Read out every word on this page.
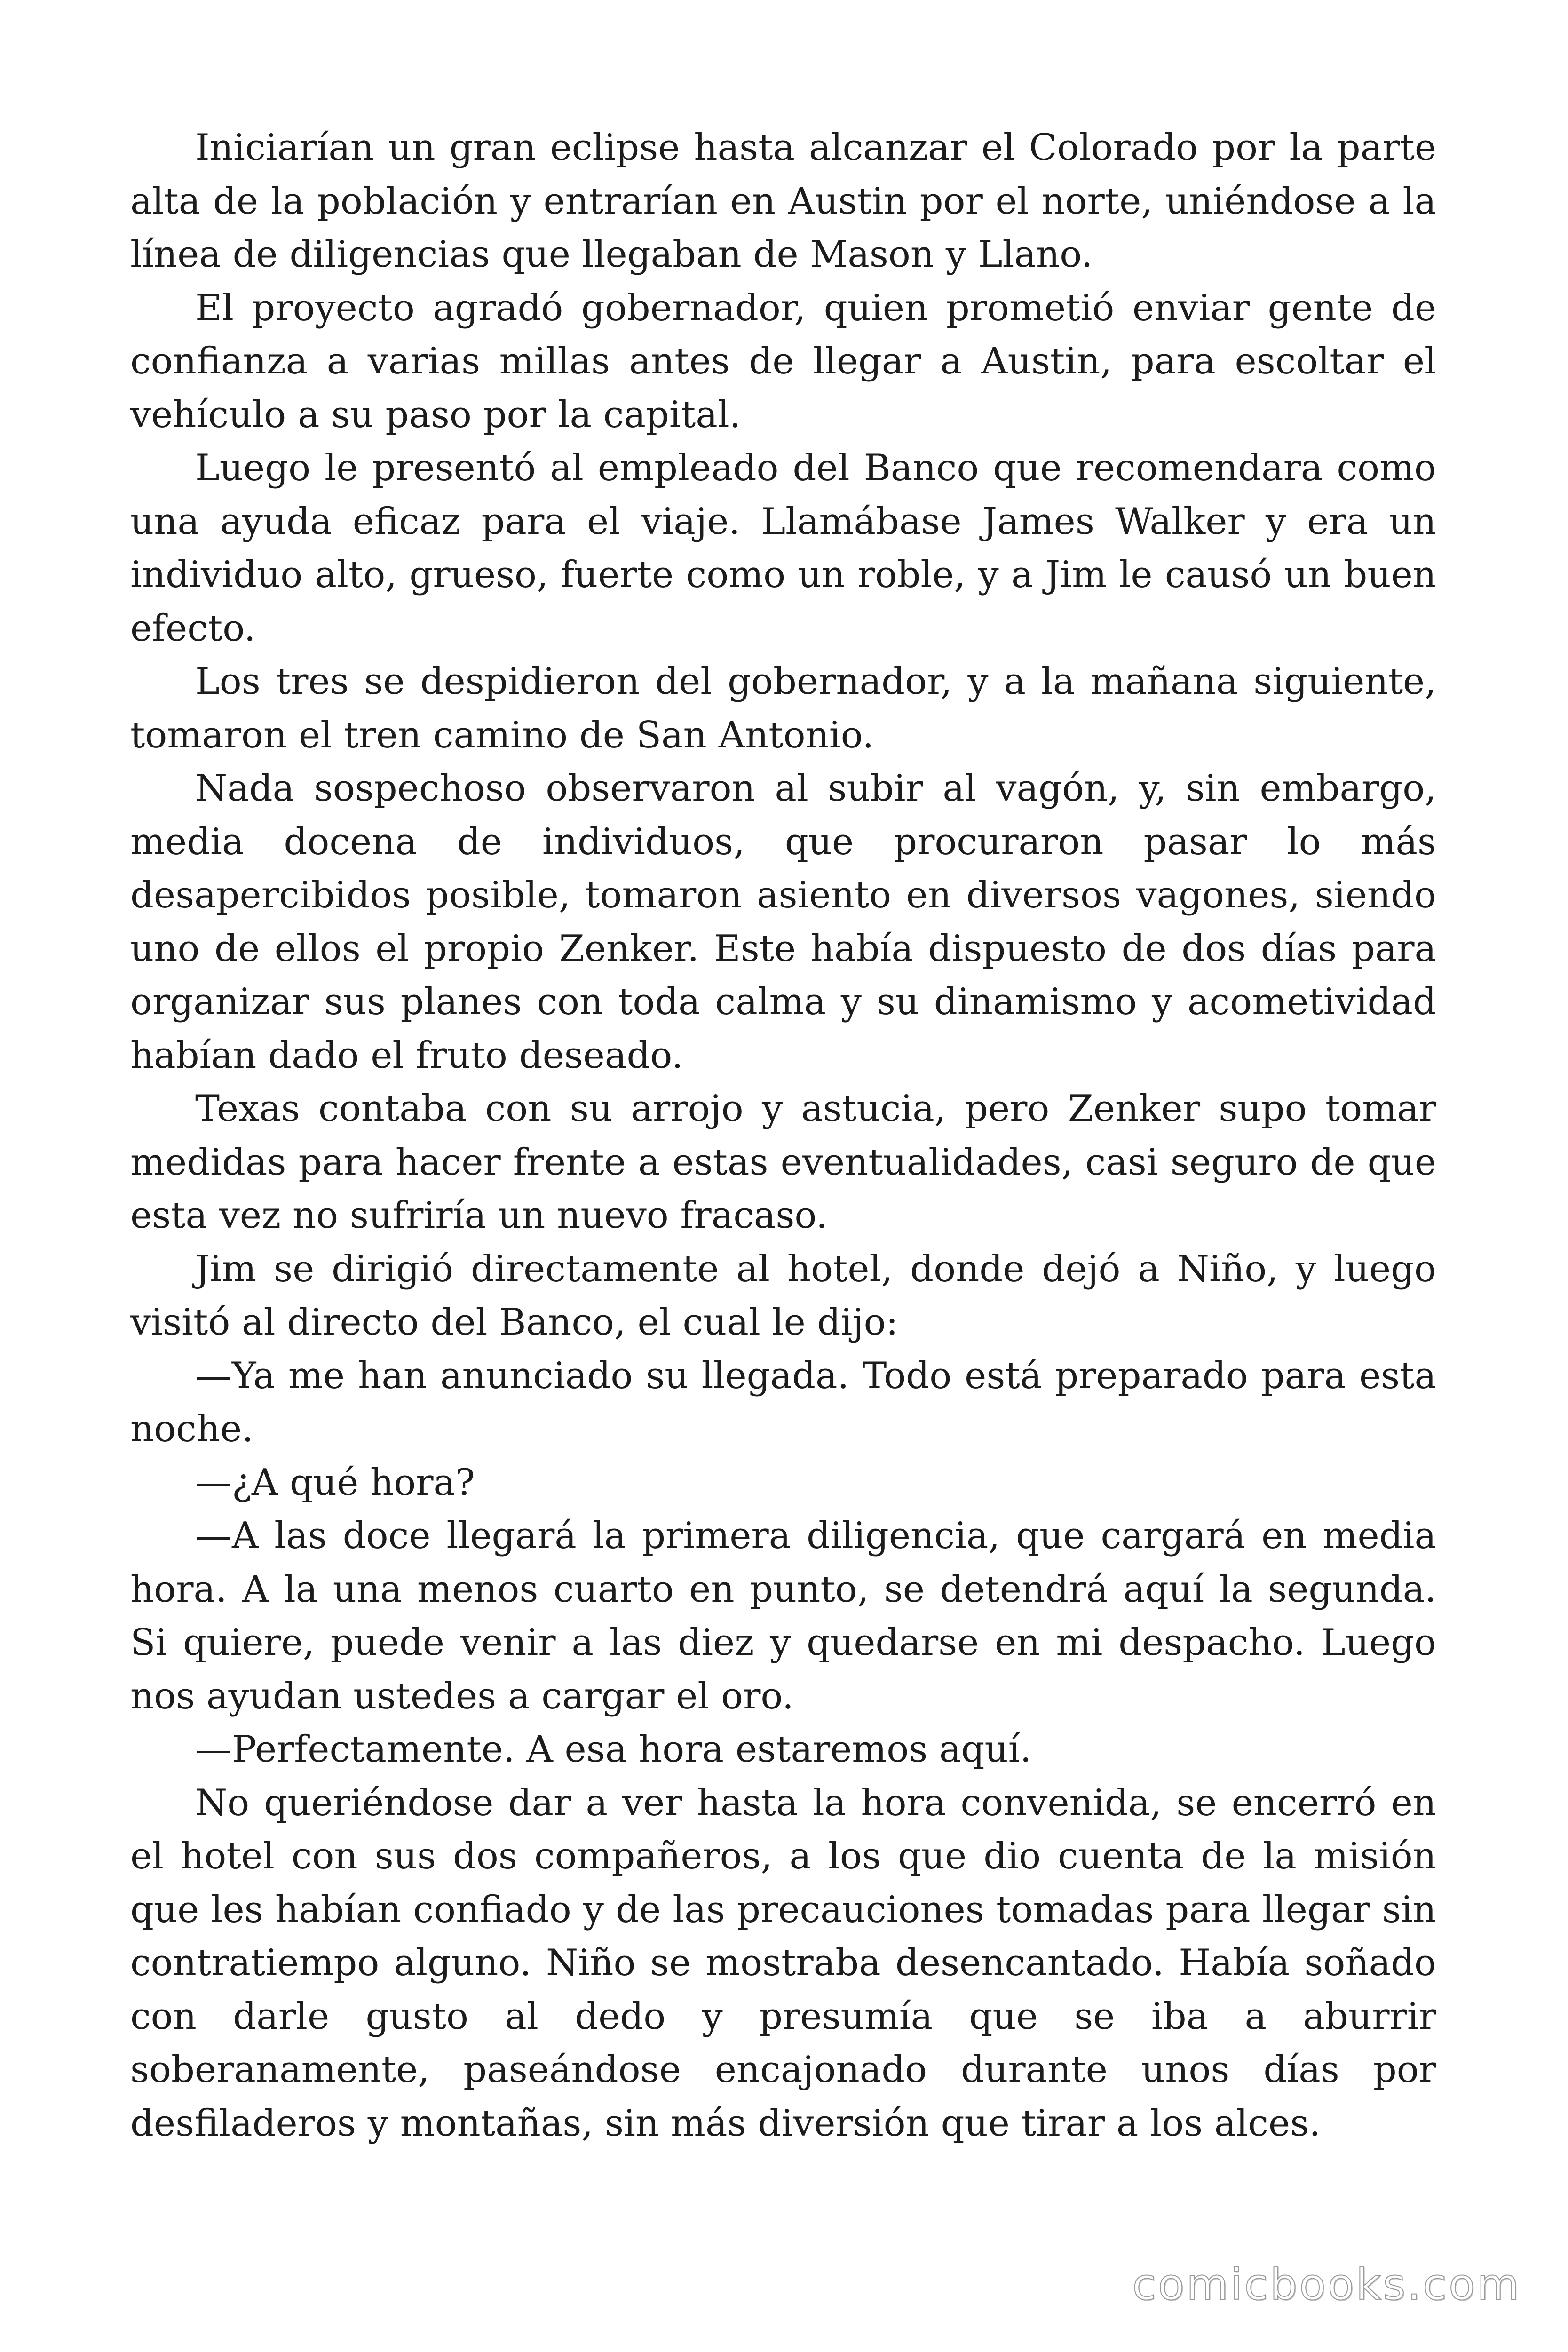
Iniciarían un gran eclipse hasta alcanzar el Colorado por la parte alta de la población y entrarían en Austin por el norte, uniéndose a la línea de diligencias que llegaban de Mason y Llano.

El proyecto agradó gobernador, quien prometió enviar gente de confianza a varias millas antes de llegar a Austin, para escoltar el vehículo a su paso por la capital.

Luego le presentó al empleado del Banco que recomendara como una ayuda eficaz para el viaje. Llamábase James Walker y era un individuo alto, grueso, fuerte como un roble, y a Jim le causó un buen efecto.

Los tres se despidieron del gobernador, y a la mañana siguiente, tomaron el tren camino de San Antonio.

Nada sospechoso observaron al subir al vagón, y, sin embargo, media docena de individuos, que procuraron pasar lo más desapercibidos posible, tomaron asiento en diversos vagones, siendo uno de ellos el propio Zenker. Este había dispuesto de dos días para organizar sus planes con toda calma y su dinamismo y acometividad habían dado el fruto deseado.

Texas contaba con su arrojo y astucia, pero Zenker supo tomar medidas para hacer frente a estas eventualidades, casi seguro de que esta vez no sufriría un nuevo fracaso.

Jim se dirigió directamente al hotel, donde dejó a Niño, y luego visitó al directo del Banco, el cual le dijo:

—Ya me han anunciado su llegada. Todo está preparado para esta noche.

—¿A qué hora?

—A las doce llegará la primera diligencia, que cargará en media hora. A la una menos cuarto en punto, se detendrá aquí la segunda. Si quiere, puede venir a las diez y quedarse en mi despacho. Luego nos ayudan ustedes a cargar el oro.

—Perfectamente. A esa hora estaremos aquí.

No queriéndose dar a ver hasta la hora convenida, se encerró en el hotel con sus dos compañeros, a los que dio cuenta de la misión que les habían confiado y de las precauciones tomadas para llegar sin contratiempo alguno. Niño se mostraba desencantado. Había soñado con darle gusto al dedo y presumía que se iba a aburrir soberanamente, paseándose encajonado durante unos días por desfiladeros y montañas, sin más diversión que tirar a los alces.

comicbooks.com
